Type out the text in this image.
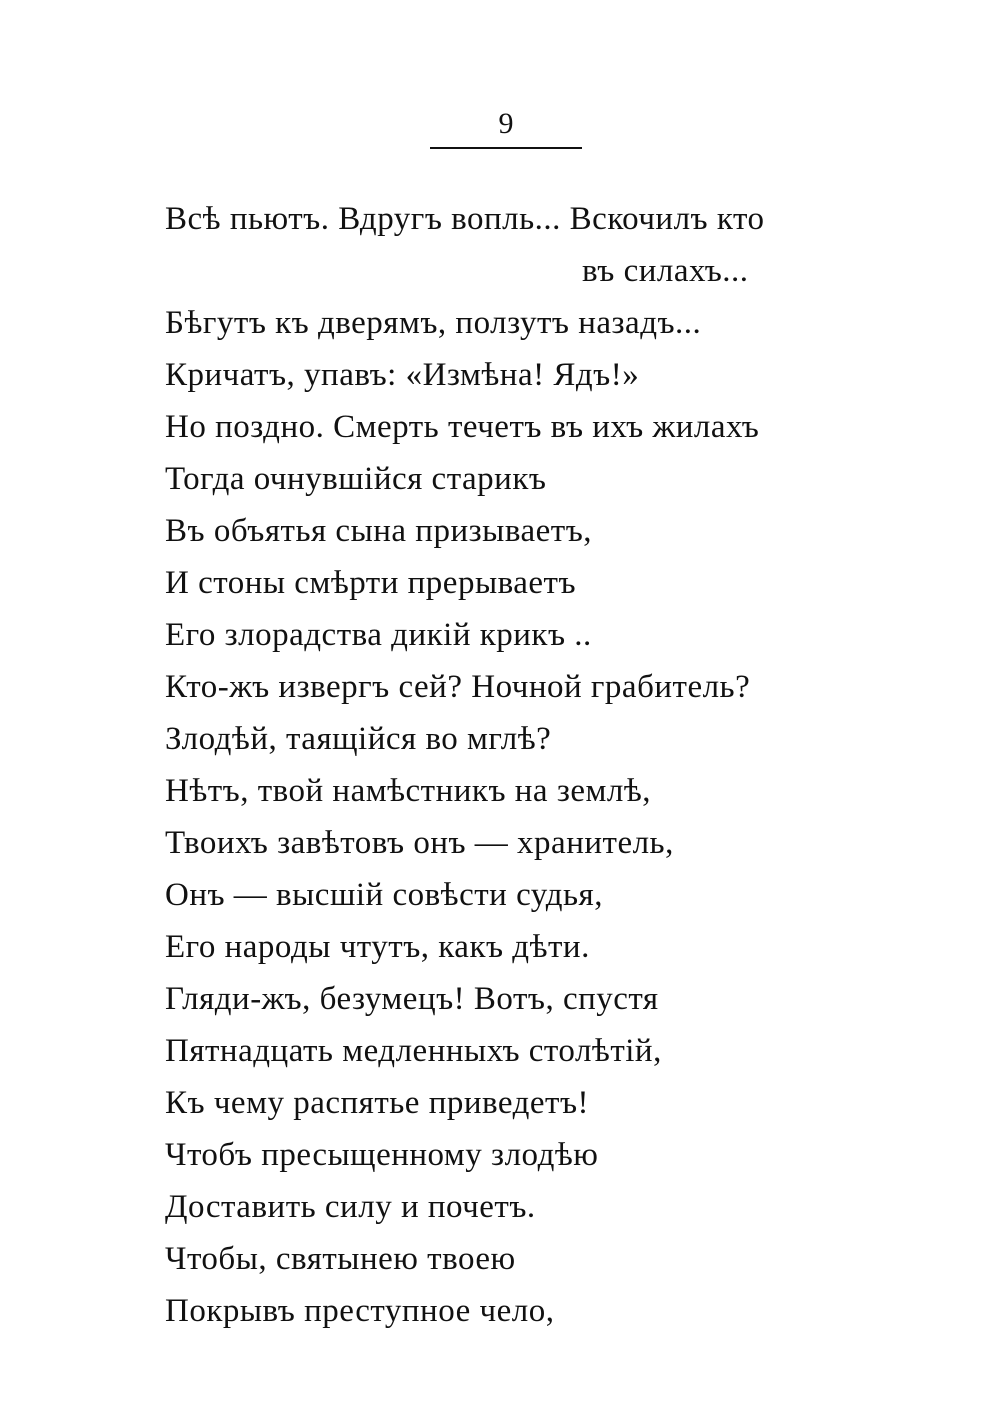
9
Всѣ пьютъ. Вдругъ вопль... Вскочилъ кто
въ силахъ...
Бѣгутъ къ дверямъ, ползутъ назадъ...
Кричатъ, упавъ: «Измѣна! Ядъ!»
Но поздно. Смерть течетъ въ ихъ жилахъ
Тогда очнувшійся старикъ
Въ объятья сына призываетъ,
И стоны смѣрти прерываетъ
Его злорадства дикій крикъ ..
Кто-жъ извергъ сей? Ночной грабитель?
Злодѣй, таящійся во мглѣ?
Нѣтъ, твой намѣстникъ на землѣ,
Твоихъ завѣтовъ онъ — хранитель,
Онъ — высшій совѣсти судья,
Его народы чтутъ, какъ дѣти.
Гляди-жъ, безумецъ! Вотъ, спустя
Пятнадцать медленныхъ столѣтій,
Къ чему распятье приведетъ!
Чтобъ пресыщенному злодѣю
Доставить силу и почетъ.
Чтобы, святынею твоею
Покрывъ преступное чело,
